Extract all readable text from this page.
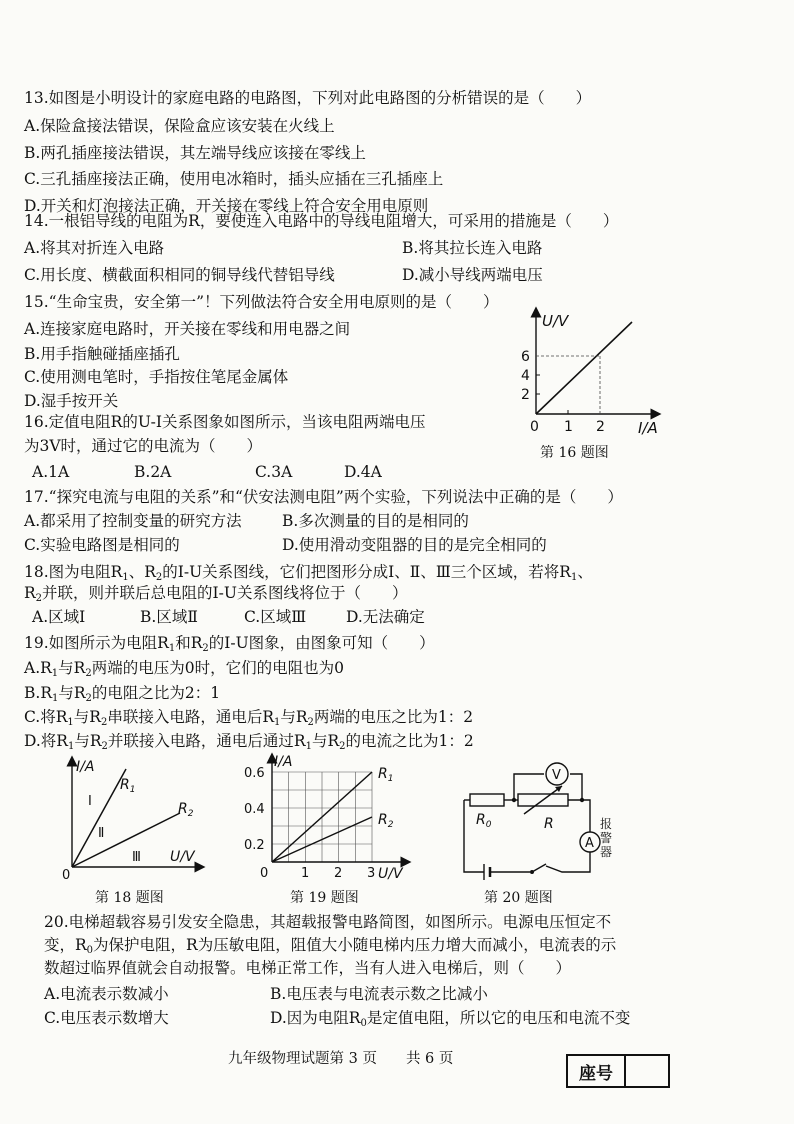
13.如图是小明设计的家庭电路的电路图，下列对此电路图的分析错误的是（　　）
A.保险盒接法错误，保险盒应该安装在火线上
B.两孔插座接法错误，其左端导线应该接在零线上
C.三孔插座接法正确，使用电冰箱时，插头应插在三孔插座上
D.开关和灯泡接法正确，开关接在零线上符合安全用电原则
14.一根铝导线的电阻为R，要使连入电路中的导线电阻增大，可采用的措施是（　　）
A.将其对折连入电路	B.将其拉长连入电路
C.用长度、横截面积相同的铜导线代替铝导线	D.减小导线两端电压
15.“生命宝贵，安全第一”！下列做法符合安全用电原则的是（　　）
A.连接家庭电路时，开关接在零线和用电器之间
B.用手指触碰插座插孔
C.使用测电笔时，手指按住笔尾金属体
D.湿手按开关
16.定值电阻R的U-I关系图象如图所示，当该电阻两端电压
为3V时，通过它的电流为（　　）
A.1A	B.2A	C.3A	D.4A
U/V
2
4
6
0 1 2 I/A
第 16 题图
17.“探究电流与电阻的关系”和“伏安法测电阻”两个实验，下列说法中正确的是（　　）
A.都采用了控制变量的研究方法	B.多次测量的目的是相同的
C.实验电路图是相同的	D.使用滑动变阻器的目的是完全相同的
18.图为电阻$R_1$、$R_2$的I-U关系图线，它们把图形分成Ⅰ、Ⅱ、Ⅲ三个区域，若将$R_1$、
$R_2$并联，则并联后总电阻的I-U关系图线将位于（　　）
A.区域Ⅰ	B.区域Ⅱ	C.区域Ⅲ	D.无法确定
19.如图所示为电阻$R_1$和$R_2$的I-U图象，由图象可知（　　）
$A.R_1$与$R_2$两端的电压为0时，它们的电阻也为0
$B.R_1$与$R_2$的电阻之比为2：1
C.将$R_1$与$R_2$串联接入电路，通电后$R_1$与$R_2$两端的电压之比为1：2
D.将$R_1$与$R_2$并联接入电路，通电后通过$R_1$与$R_2$的电流之比为1：2
I/A
$R_1$
$R_2$
Ⅰ
Ⅱ
Ⅲ U/V
0
第 18 题图
I/A
0.6
0.4
0.2
0	1 2 3 U/V
$R_1$
$R_2$
第 19 题图
V
A
$R_0$	R	报
警
器
第 20 题图
20.电梯超载容易引发安全隐患，其超载报警电路简图，如图所示。电源电压恒定不
变，$R_0$为保护电阻，R为压敏电阻，阻值大小随电梯内压力增大而减小，电流表的示
数超过临界值就会自动报警。电梯正常工作，当有人进入电梯后，则（　　）
A.电流表示数减小	B.电压表与电流表示数之比减小
C.电压表示数增大	D.因为电阻$R_0$是定值电阻，所以它的电压和电流不变
九年级物理试题第 3 页　　共 6 页
座号
